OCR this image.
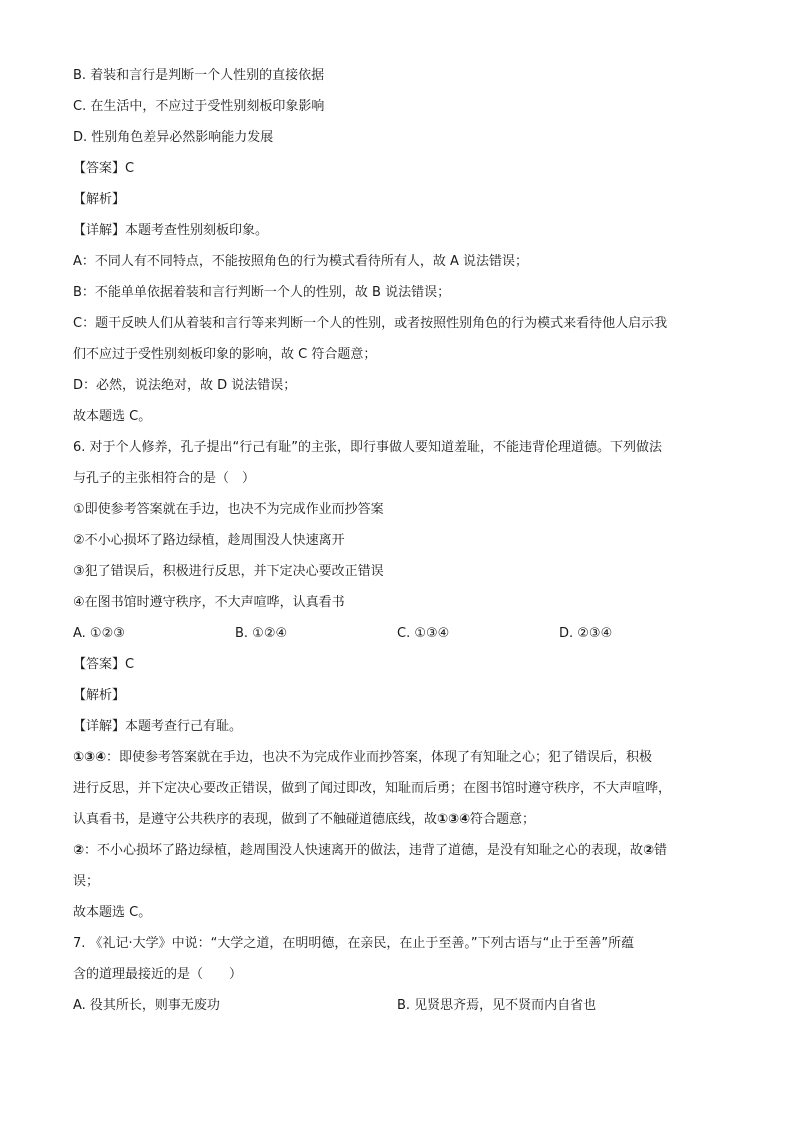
B. 着装和言行是判断一个人性别的直接依据
C. 在生活中，不应过于受性别刻板印象影响
D. 性别角色差异必然影响能力发展
【答案】C
【解析】
【详解】本题考查性别刻板印象。
A：不同人有不同特点，不能按照角色的行为模式看待所有人，故 A 说法错误；
B：不能单单依据着装和言行判断一个人的性别，故 B 说法错误；
C：题干反映人们从着装和言行等来判断一个人的性别，或者按照性别角色的行为模式来看待他人启示我
们不应过于受性别刻板印象的影响，故 C 符合题意；
D：必然，说法绝对，故 D 说法错误；
故本题选 C。
6. 对于个人修养，孔子提出“行己有耻”的主张，即行事做人要知道羞耻，不能违背伦理道德。下列做法
与孔子的主张相符合的是（　）
①即使参考答案就在手边，也决不为完成作业而抄答案
②不小心损坏了路边绿植，趁周围没人快速离开
③犯了错误后，积极进行反思，并下定决心要改正错误
④在图书馆时遵守秩序，不大声喧哗，认真看书
A. ①②③	B. ①②④	C. ①③④	D. ②③④
【答案】C
【解析】
【详解】本题考查行己有耻。
①③④：即使参考答案就在手边，也决不为完成作业而抄答案，体现了有知耻之心；犯了错误后，积极
进行反思，并下定决心要改正错误，做到了闻过即改，知耻而后勇；在图书馆时遵守秩序，不大声喧哗，
认真看书，是遵守公共秩序的表现，做到了不触碰道德底线，故①③④符合题意；
②：不小心损坏了路边绿植，趁周围没人快速离开的做法，违背了道德，是没有知耻之心的表现，故②错
误；
故本题选 C。
7. 《礼记·大学》中说：“大学之道，在明明德，在亲民，在止于至善。”下列古语与“止于至善”所蕴
含的道理最接近的是（　　）
A. 役其所长，则事无废功	B. 见贤思齐焉，见不贤而内自省也
